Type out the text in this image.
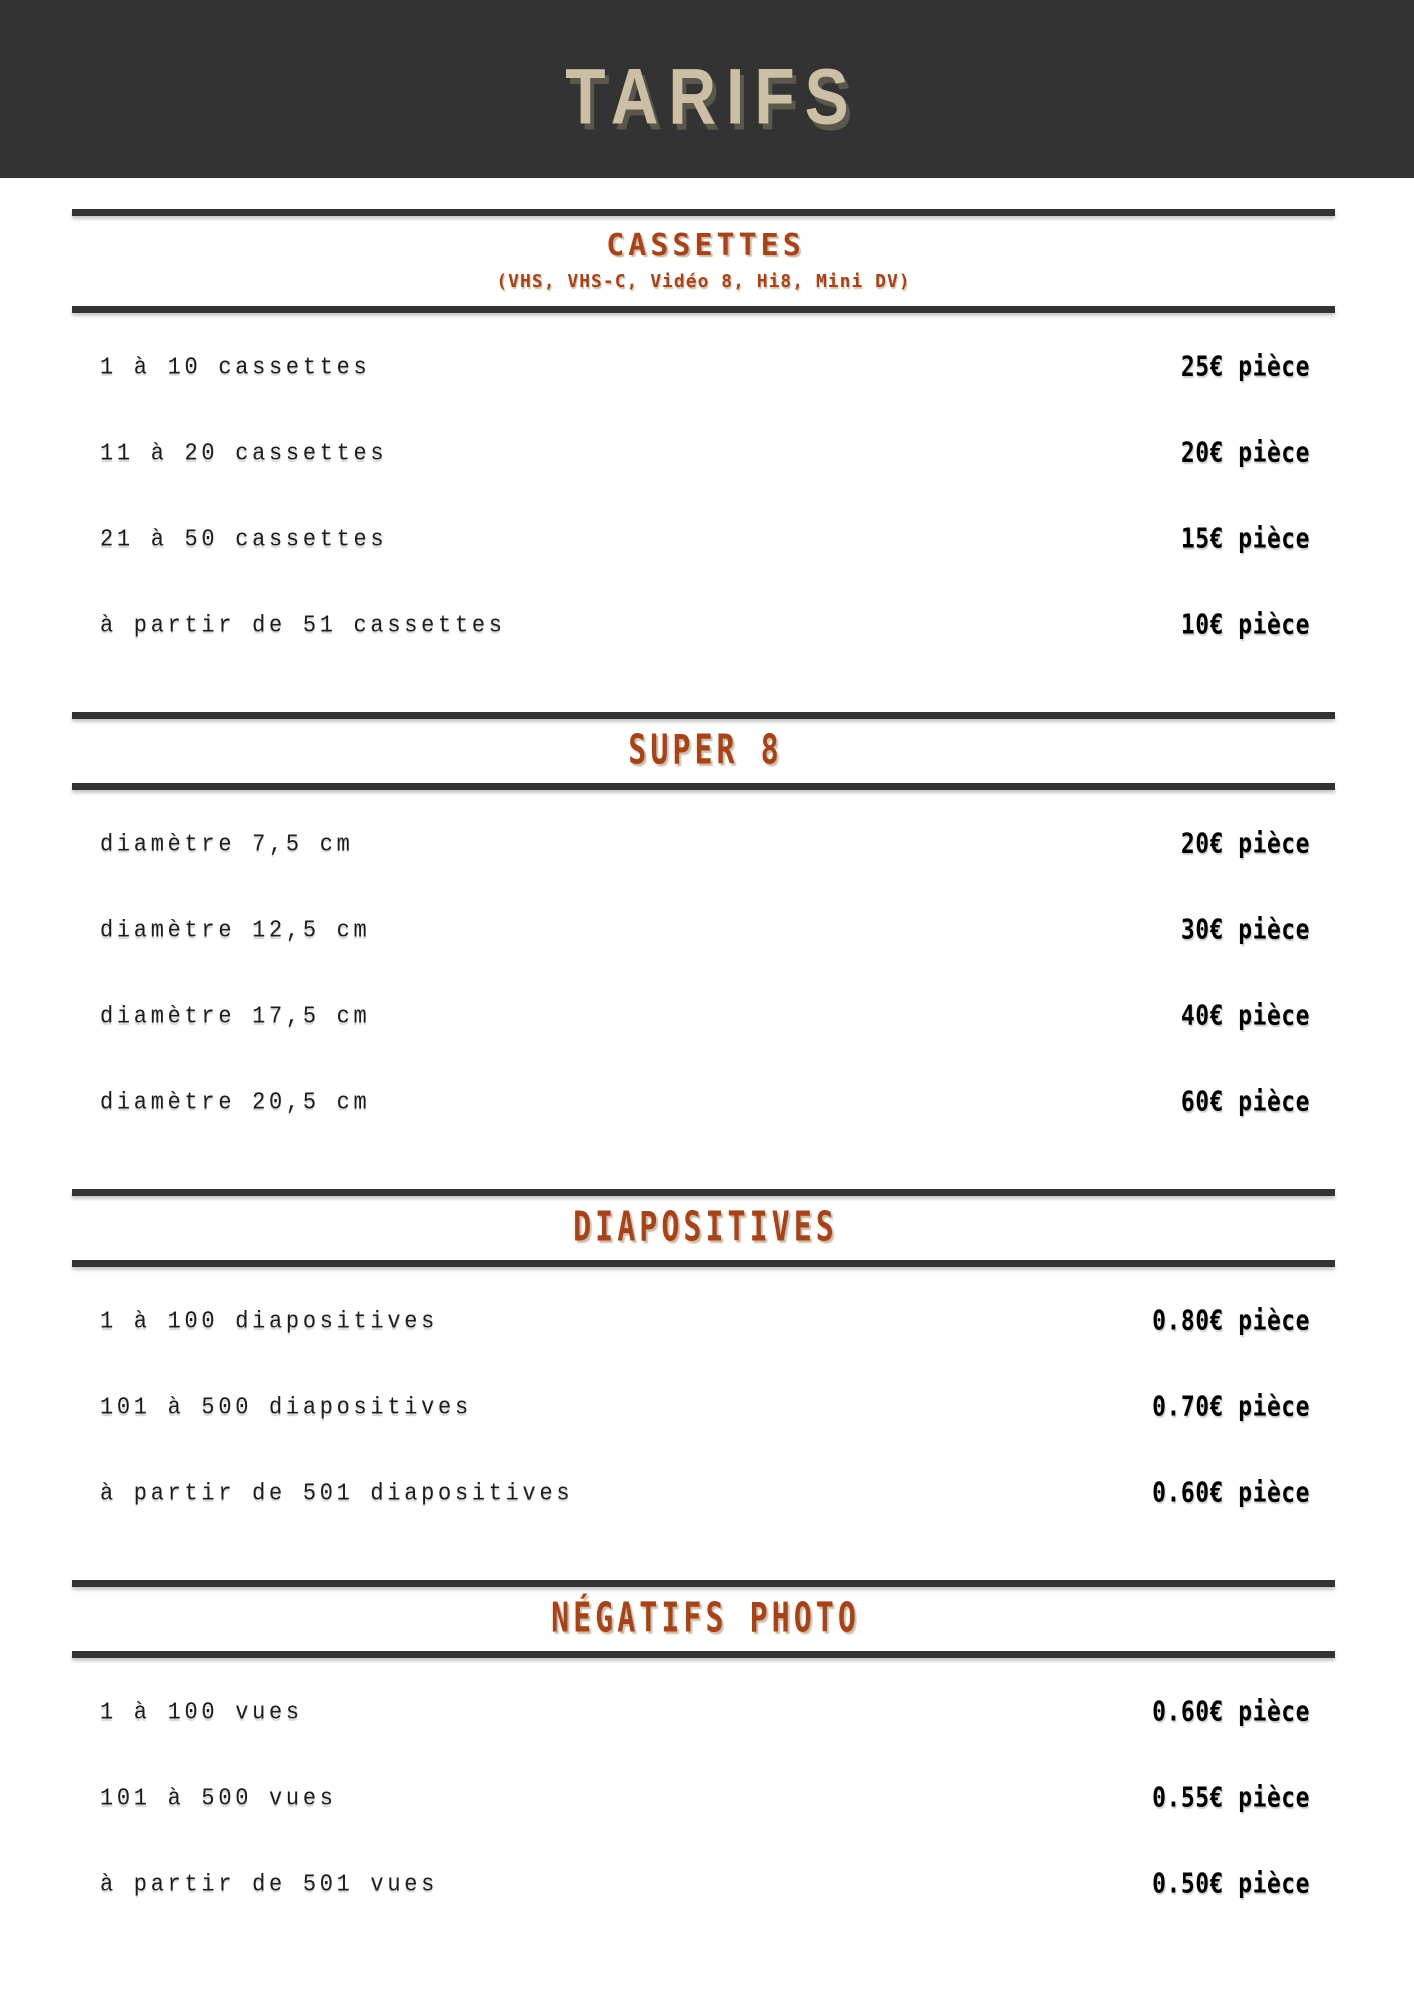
TARIFS
CASSETTES
(VHS, VHS-C, Vidéo 8, Hi8, Mini DV)
1 à 10 cassettes	25€ pièce
11 à 20 cassettes	20€ pièce
21 à 50 cassettes	15€ pièce
à partir de 51 cassettes	10€ pièce
SUPER 8
diamètre 7,5 cm	20€ pièce
diamètre 12,5 cm	30€ pièce
diamètre 17,5 cm	40€ pièce
diamètre 20,5 cm	60€ pièce
DIAPOSITIVES
1 à 100 diapositives	0.80€ pièce
101 à 500 diapositives	0.70€ pièce
à partir de 501 diapositives	0.60€ pièce
NÉGATIFS PHOTO
1 à 100 vues	0.60€ pièce
101 à 500 vues	0.55€ pièce
à partir de 501 vues	0.50€ pièce
